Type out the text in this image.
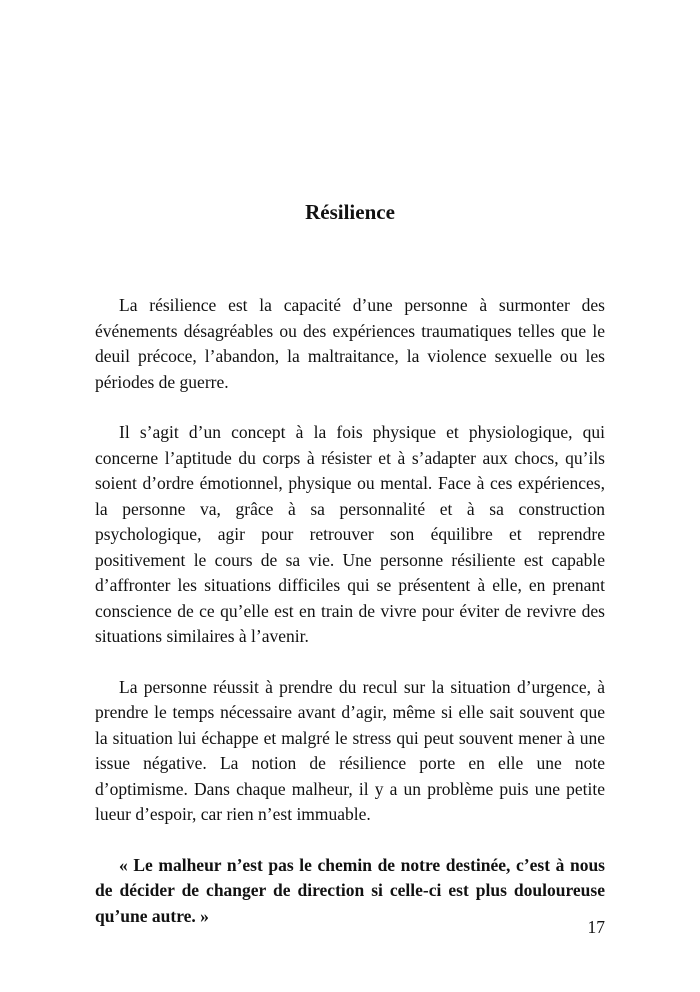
Résilience

La résilience est la capacité d’une personne à surmonter des événements désagréables ou des expériences traumatiques telles que le deuil précoce, l’abandon, la maltraitance, la violence sexuelle ou les périodes de guerre.

Il s’agit d’un concept à la fois physique et physiologique, qui concerne l’aptitude du corps à résister et à s’adapter aux chocs, qu’ils soient d’ordre émotionnel, physique ou mental. Face à ces expériences, la personne va, grâce à sa personnalité et à sa construction psychologique, agir pour retrouver son équilibre et reprendre positivement le cours de sa vie. Une personne résiliente est capable d’affronter les situations difficiles qui se présentent à elle, en prenant conscience de ce qu’elle est en train de vivre pour éviter de revivre des situations similaires à l’avenir.

La personne réussit à prendre du recul sur la situation d’urgence, à prendre le temps nécessaire avant d’agir, même si elle sait souvent que la situation lui échappe et malgré le stress qui peut souvent mener à une issue négative. La notion de résilience porte en elle une note d’optimisme. Dans chaque malheur, il y a un problème puis une petite lueur d’espoir, car rien n’est immuable.

« Le malheur n’est pas le chemin de notre destinée, c’est à nous de décider de changer de direction si celle-ci est plus douloureuse qu’une autre. »

17
